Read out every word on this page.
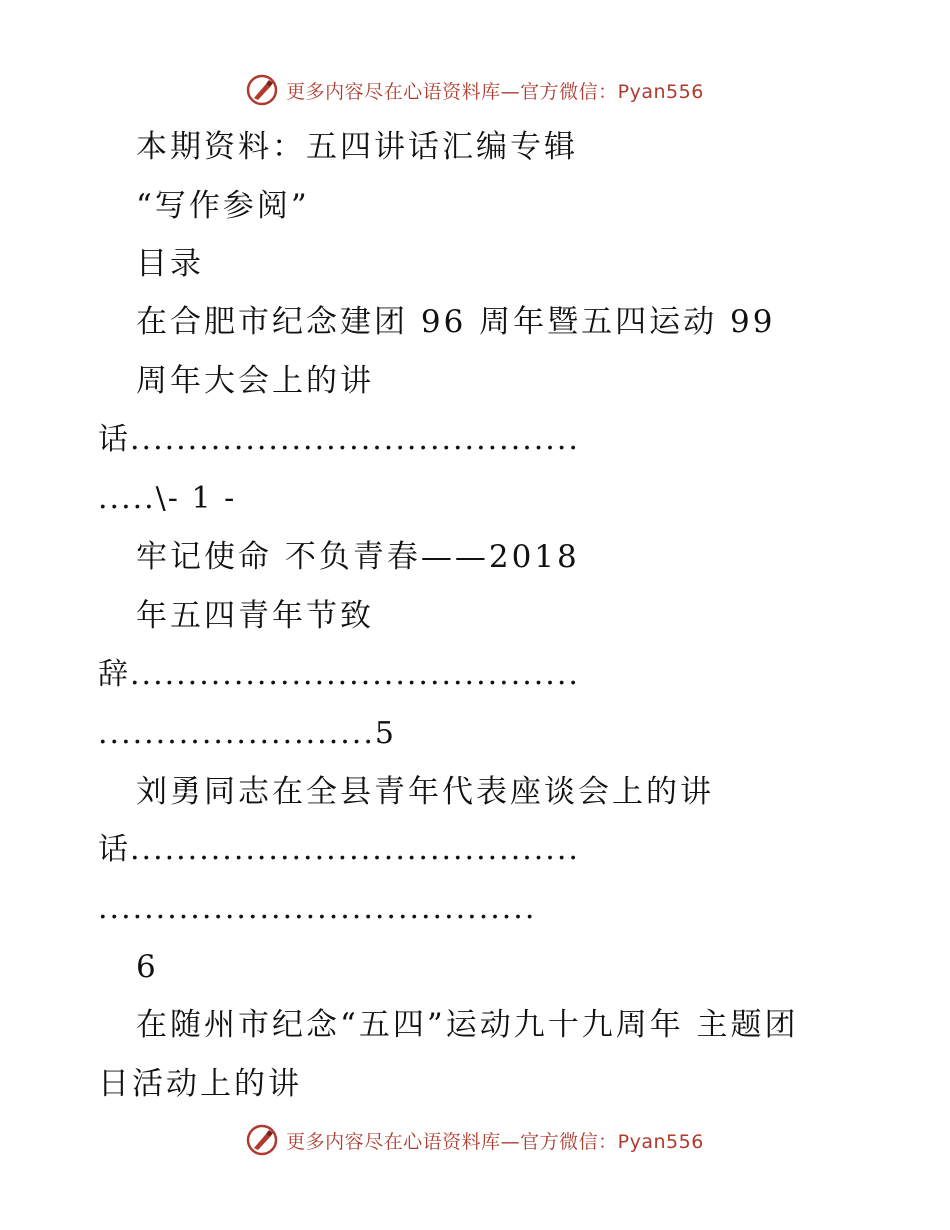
更多内容尽在心语资料库—官方微信：Pyan556
本期资料：五四讲话汇编专辑
“写作参阅”
目录
在合肥市纪念建团 96 周年暨五四运动 99
周年大会上的讲
话.......................................
.....\- 1 -
牢记使命 不负青春——2018
年五四青年节致
辞.......................................
........................5
刘勇同志在全县青年代表座谈会上的讲
话.......................................
......................................
6
在随州市纪念“五四”运动九十九周年 主题团
日活动上的讲
更多内容尽在心语资料库—官方微信：Pyan556
